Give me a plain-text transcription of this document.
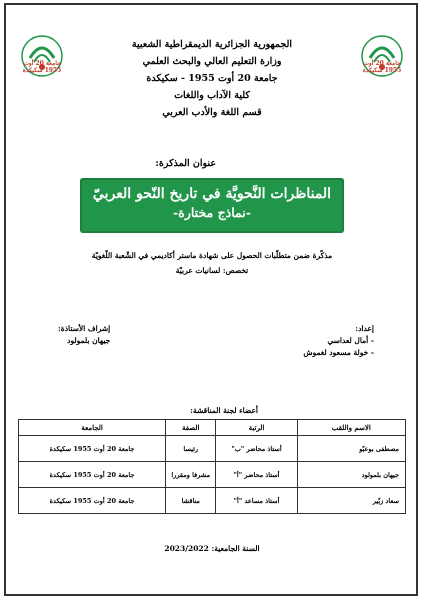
جامعة 20 أوت 1955 سكيكدة
جامعة 20 أوت 1955 سكيكدة
الجمهورية الجزائرية الديمقراطية الشعبية
وزارة التعليم العالي والبحث العلمي
جامعة 20 أوت 1955 - سكيكدة
كلية الآداب واللغات
قسم اللغة والأدب العربي
عنوان المذكرة:
المناظرات النَّحويَّة في تاريخ النّحو العربيّ
-نماذج مختارة-
مذكّرة ضمن متطلّبات الحصول على شهادة ماستر أكاديمي في الشّعبة اللّغويّة
تخصص: لسانيات عربيّة
إعداد:
- أمال لعداسي
- خولة مسعود لغموش
إشراف الأستاذة:
جيهان بلمولود
أعضاء لجنة المناقشة:
الاسم واللقب	الرتبة	الصفة	الجامعة
مصطفى بوعبّو	أستاذ محاضر "ب"	رئيسا	جامعة 20 أوت 1955 سكيكدة
جيهان بلمولود	أستاذ محاضر "أ"	مشرفا ومقررا	جامعة 20 أوت 1955 سكيكدة
سعاد زبّير	أستاذ مساعد "أ"	مناقشا	جامعة 20 أوت 1955 سكيكدة
السنة الجامعية: 2023/2022
